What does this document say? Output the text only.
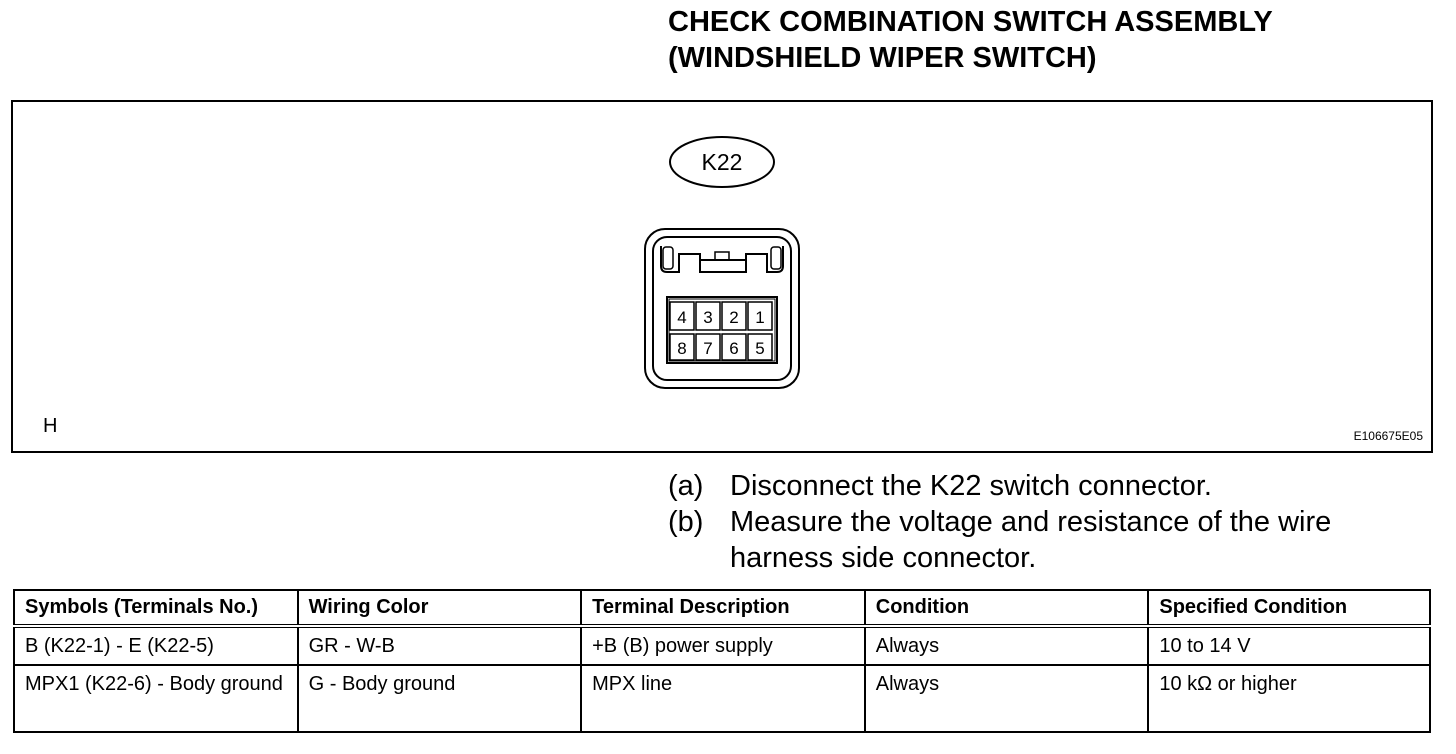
CHECK COMBINATION SWITCH ASSEMBLY
(WINDSHIELD WIPER SWITCH)
K22
4 3 2 1
8 7 6 5
H	E106675E05
(a) Disconnect the K22 switch connector.
(b) Measure the voltage and resistance of the wire harness side connector.
Symbols (Terminals No.)	Wiring Color	Terminal Description	Condition	Specified Condition
B (K22-1) - E (K22-5)	GR - W-B	+B (B) power supply	Always	10 to 14 V
MPX1 (K22-6) - Body ground	G - Body ground	MPX line	Always	10 kΩ or higher
